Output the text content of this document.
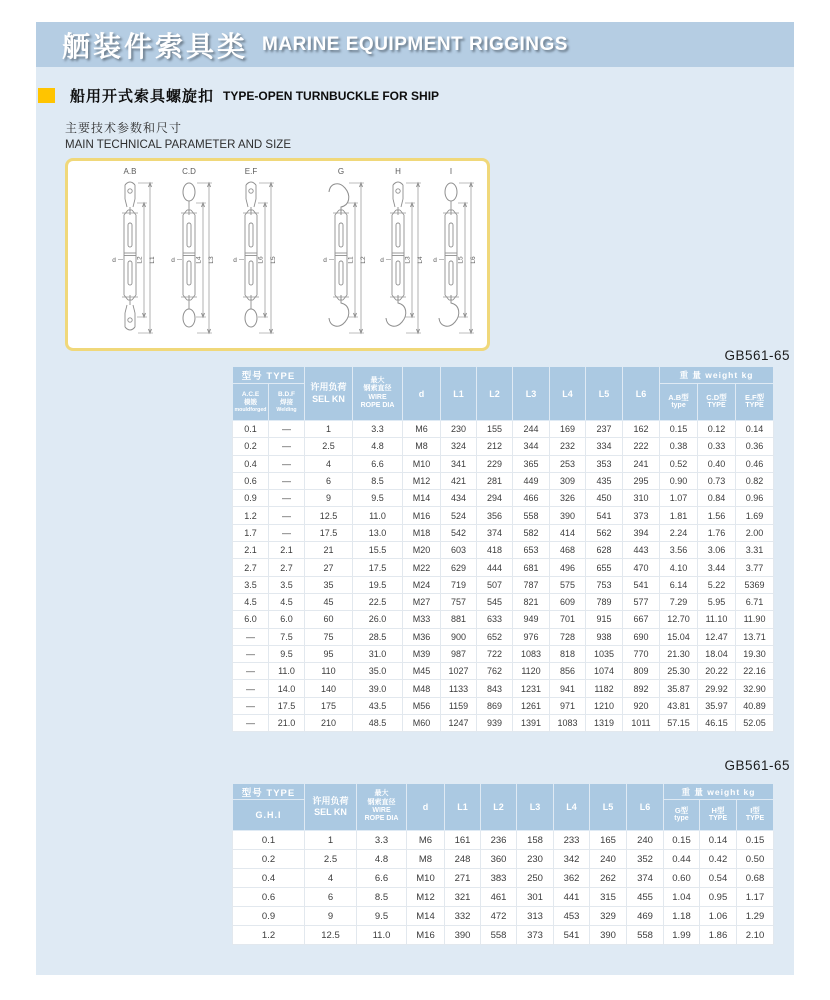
舾装件索具类 MARINE EQUIPMENT RIGGINGS
船用开式索具螺旋扣 TYPE-OPEN TURNBUCKLE FOR SHIP
主要技术参数和尺寸
MAIN TECHNICAL PARAMETER AND SIZE
A.B
L2 L1
d
C.D
L4 L3
d
E.F
L6 L5
d
G
L1 L2
d
H
L3 L4
d
I
L5 L6
d
GB561-65
型号 TYPE		许用负荷
SEL KN	最大
钢索直径
WIRE
ROPE DIA	d	L1	L2	L3	L4	L5	L6	重 量 weight kg		

A.C.E
模锻
mouldforged	B.D.F
焊接
Welding										A.B型
type	C.D型
TYPE	E.F型
TYPE

0.1	—	1	3.3	M6	230	155	244	169	237	162	0.15	0.12	0.14
0.2	—	2.5	4.8	M8	324	212	344	232	334	222	0.38	0.33	0.36
0.4	—	4	6.6	M10	341	229	365	253	353	241	0.52	0.40	0.46
0.6	—	6	8.5	M12	421	281	449	309	435	295	0.90	0.73	0.82
0.9	—	9	9.5	M14	434	294	466	326	450	310	1.07	0.84	0.96
1.2	—	12.5	11.0	M16	524	356	558	390	541	373	1.81	1.56	1.69
1.7	—	17.5	13.0	M18	542	374	582	414	562	394	2.24	1.76	2.00
2.1	2.1	21	15.5	M20	603	418	653	468	628	443	3.56	3.06	3.31
2.7	2.7	27	17.5	M22	629	444	681	496	655	470	4.10	3.44	3.77
3.5	3.5	35	19.5	M24	719	507	787	575	753	541	6.14	5.22	5369
4.5	4.5	45	22.5	M27	757	545	821	609	789	577	7.29	5.95	6.71
6.0	6.0	60	26.0	M33	881	633	949	701	915	667	12.70	11.10	11.90
—	7.5	75	28.5	M36	900	652	976	728	938	690	15.04	12.47	13.71
—	9.5	95	31.0	M39	987	722	1083	818	1035	770	21.30	18.04	19.30
—	11.0	110	35.0	M45	1027	762	1120	856	1074	809	25.30	20.22	22.16
—	14.0	140	39.0	M48	1133	843	1231	941	1182	892	35.87	29.92	32.90
—	17.5	175	43.5	M56	1159	869	1261	971	1210	920	43.81	35.97	40.89
—	21.0	210	48.5	M60	1247	939	1391	1083	1319	1011	57.15	46.15	52.05
GB561-65
型号 TYPE	许用负荷
SEL KN	最大
钢索直径
WIRE
ROPE DIA	d	L1	L2	L3	L4	L5	L6	重 量 weight kg		
G.H.I										G型
type	H型
TYPE	I型
TYPE

0.1	1	3.3	M6	161	236	158	233	165	240	0.15	0.14	0.15
0.2	2.5	4.8	M8	248	360	230	342	240	352	0.44	0.42	0.50
0.4	4	6.6	M10	271	383	250	362	262	374	0.60	0.54	0.68
0.6	6	8.5	M12	321	461	301	441	315	455	1.04	0.95	1.17
0.9	9	9.5	M14	332	472	313	453	329	469	1.18	1.06	1.29
1.2	12.5	11.0	M16	390	558	373	541	390	558	1.99	1.86	2.10
